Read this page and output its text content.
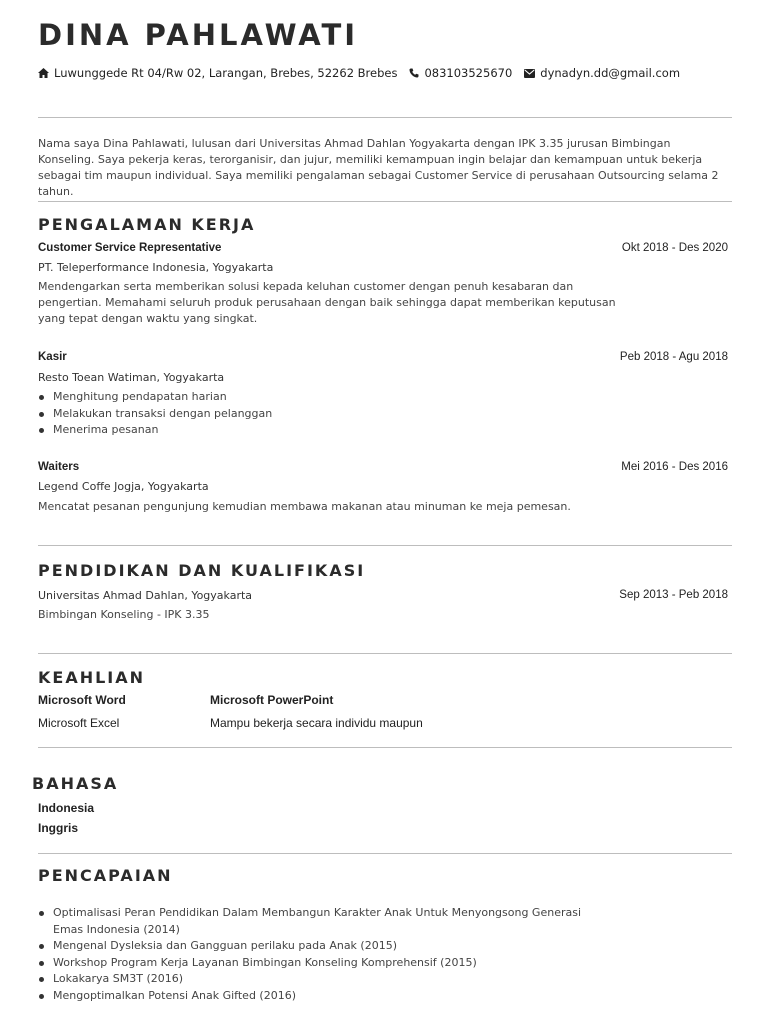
DINA PAHLAWATI
Luwunggede Rt 04/Rw 02, Larangan, Brebes, 52262 Brebes 083103525670 dynadyn.dd@gmail.com
Nama saya Dina Pahlawati, lulusan dari Universitas Ahmad Dahlan Yogyakarta dengan IPK 3.35 jurusan Bimbingan Konseling. Saya pekerja keras, terorganisir, dan jujur, memiliki kemampuan ingin belajar dan kemampuan untuk bekerja sebagai tim maupun individual. Saya memiliki pengalaman sebagai Customer Service di perusahaan Outsourcing selama 2 tahun.
PENGALAMAN KERJA
Customer Service Representative	Okt 2018 - Des 2020
PT. Teleperformance Indonesia, Yogyakarta
Mendengarkan serta memberikan solusi kepada keluhan customer dengan penuh kesabaran dan pengertian. Memahami seluruh produk perusahaan dengan baik sehingga dapat memberikan keputusan yang tepat dengan waktu yang singkat.
Kasir	Peb 2018 - Agu 2018
Resto Toean Watiman, Yogyakarta
Menghitung pendapatan harian
Melakukan transaksi dengan pelanggan
Menerima pesanan
Waiters	Mei 2016 - Des 2016
Legend Coffe Jogja, Yogyakarta
Mencatat pesanan pengunjung kemudian membawa makanan atau minuman ke meja pemesan.
PENDIDIKAN DAN KUALIFIKASI
Universitas Ahmad Dahlan, Yogyakarta	Sep 2013 - Peb 2018
Bimbingan Konseling - IPK 3.35
KEAHLIAN
Microsoft Word	Microsoft PowerPoint
Microsoft Excel	Mampu bekerja secara individu maupun
BAHASA
Indonesia
Inggris
PENCAPAIAN
Optimalisasi Peran Pendidikan Dalam Membangun Karakter Anak Untuk Menyongsong Generasi Emas Indonesia (2014)
Mengenal Dysleksia dan Gangguan perilaku pada Anak (2015)
Workshop Program Kerja Layanan Bimbingan Konseling Komprehensif (2015)
Lokakarya SM3T (2016)
Mengoptimalkan Potensi Anak Gifted (2016)
